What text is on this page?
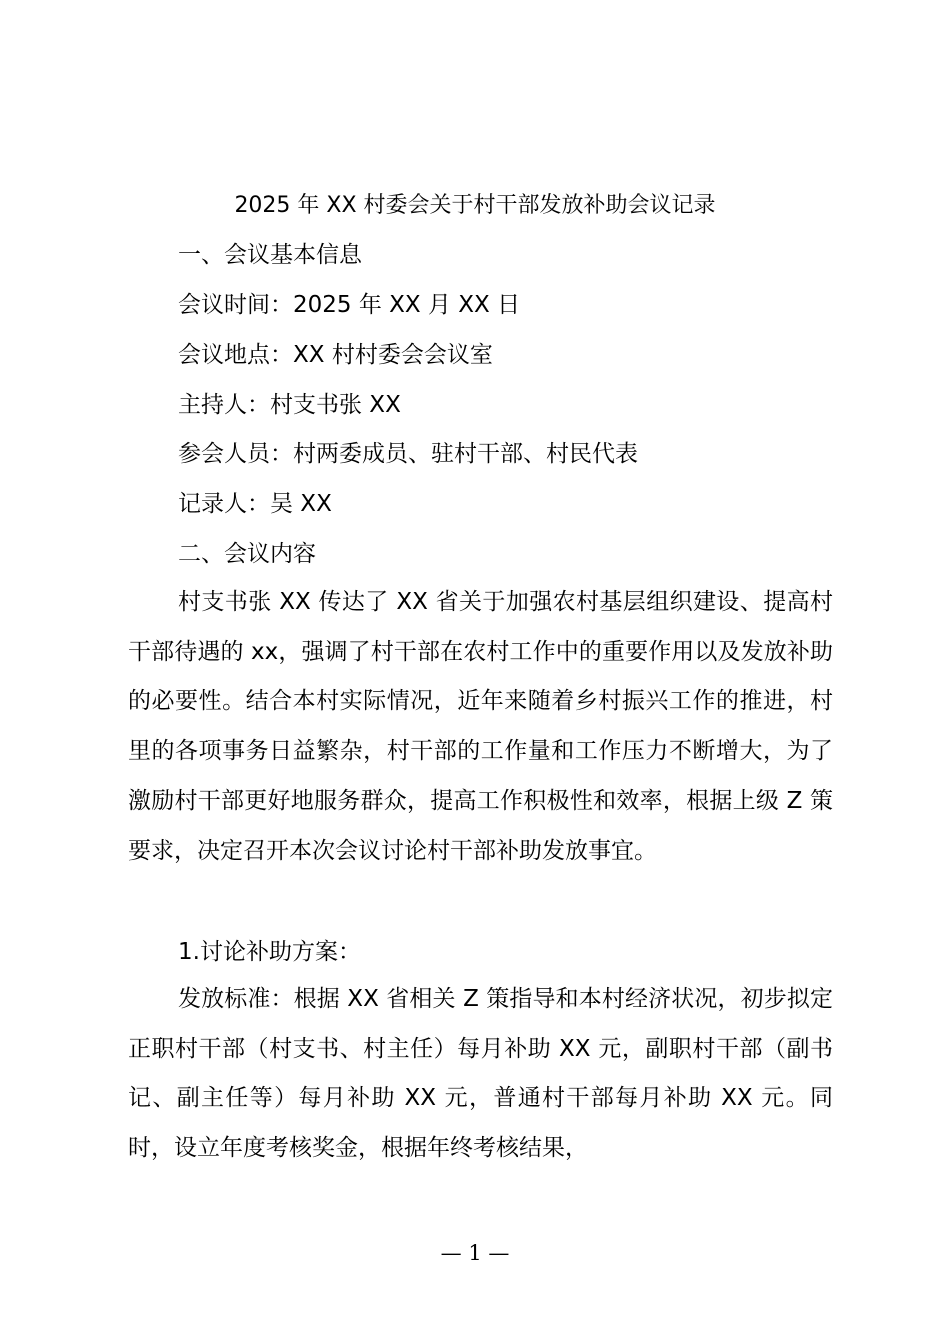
2025 年 XX 村委会关于村干部发放补助会议记录
一、会议基本信息
会议时间：2025 年 XX 月 XX 日
会议地点：XX 村村委会会议室
主持人：村支书张 XX
参会人员：村两委成员、驻村干部、村民代表
记录人：吴 XX
二、会议内容

村支书张 XX 传达了 XX 省关于加强农村基层组织建设、提高村干部待遇的 xx，强调了村干部在农村工作中的重要作用以及发放补助的必要性。结合本村实际情况，近年来随着乡村振兴工作的推进，村里的各项事务日益繁杂，村干部的工作量和工作压力不断增大，为了激励村干部更好地服务群众，提高工作积极性和效率，根据上级 Z 策要求，决定召开本次会议讨论村干部补助发放事宜。

1.讨论补助方案：

发放标准：根据 XX 省相关 Z 策指导和本村经济状况，初步拟定正职村干部（村支书、村主任）每月补助 XX 元，副职村干部（副书记、副主任等）每月补助 XX 元，普通村干部每月补助 XX 元。同时，设立年度考核奖金，根据年终考核结果，

— 1 —
